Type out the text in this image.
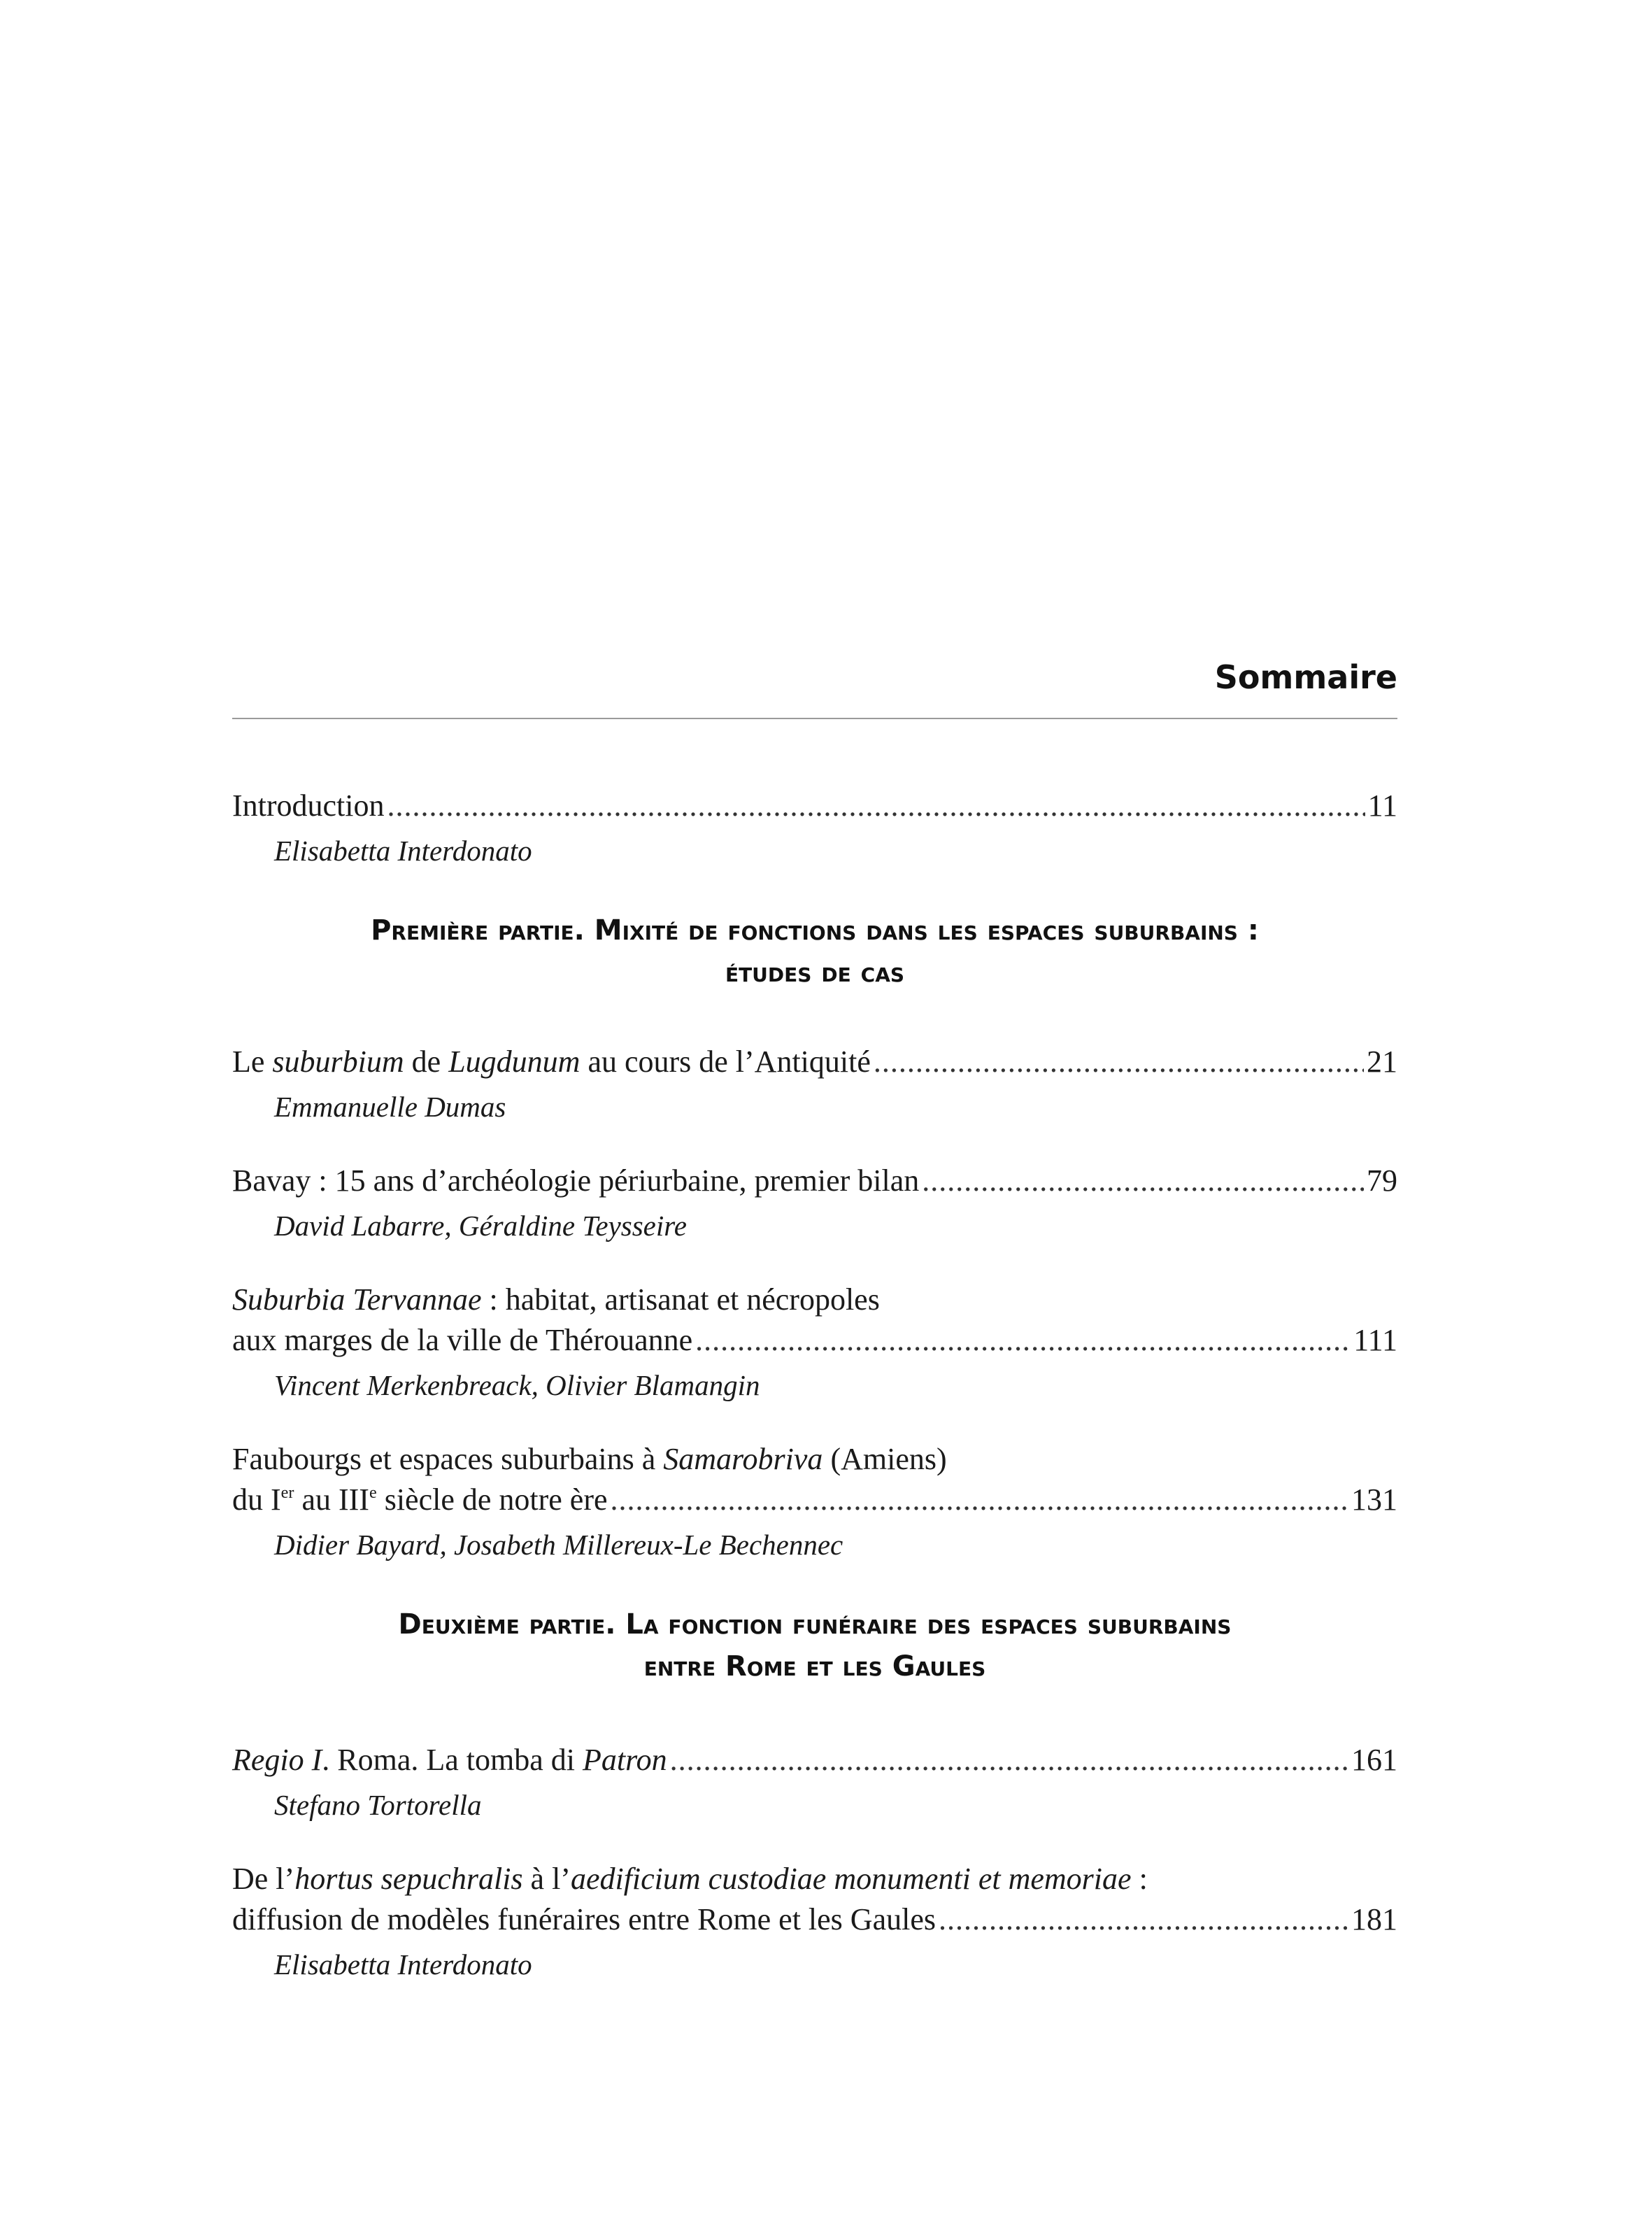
Sommaire
Introduction .....	11
Elisabetta Interdonato
Première partie. Mixité de fonctions dans les espaces suburbains :
études de cas
Le suburbium de Lugdunum au cours de l’Antiquité .....	21
Emmanuelle Dumas
Bavay : 15 ans d’archéologie périurbaine, premier bilan .....	79
David Labarre, Géraldine Teysseire
Suburbia Tervannae : habitat, artisanat et nécropoles
aux marges de la ville de Thérouanne .....	111
Vincent Merkenbreack, Olivier Blamangin
Faubourgs et espaces suburbains à Samarobriva (Amiens)
du Ier au IIIe siècle de notre ère .....	131
Didier Bayard, Josabeth Millereux-Le Bechennec
Deuxième partie. La fonction funéraire des espaces suburbains
entre Rome et les Gaules
Regio I. Roma. La tomba di Patron .....	161
Stefano Tortorella
De l’hortus sepuchralis à l’aedificium custodiae monumenti et memoriae :
diffusion de modèles funéraires entre Rome et les Gaules .....	181
Elisabetta Interdonato
